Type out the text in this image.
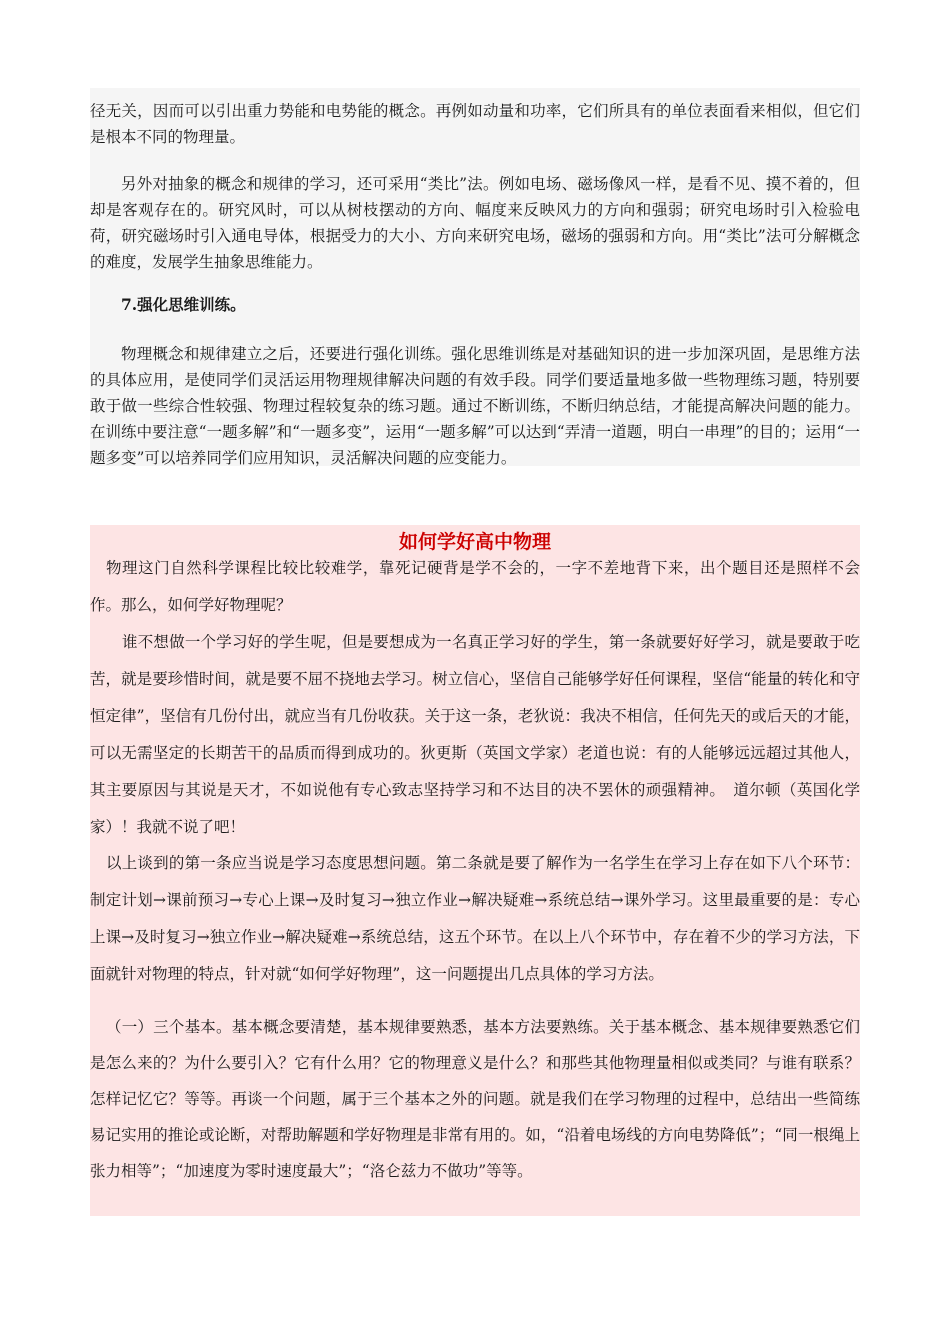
径无关，因而可以引出重力势能和电势能的概念。再例如动量和功率，它们所具有的单位表面看来相似，但它们是根本不同的物理量。

另外对抽象的概念和规律的学习，还可采用“类比”法。例如电场、磁场像风一样，是看不见、摸不着的，但却是客观存在的。研究风时，可以从树枝摆动的方向、幅度来反映风力的方向和强弱；研究电场时引入检验电荷，研究磁场时引入通电导体，根据受力的大小、方向来研究电场，磁场的强弱和方向。用“类比”法可分解概念的难度，发展学生抽象思维能力。

7.强化思维训练。

物理概念和规律建立之后，还要进行强化训练。强化思维训练是对基础知识的进一步加深巩固，是思维方法的具体应用，是使同学们灵活运用物理规律解决问题的有效手段。同学们要适量地多做一些物理练习题，特别要敢于做一些综合性较强、物理过程较复杂的练习题。通过不断训练，不断归纳总结，才能提高解决问题的能力。在训练中要注意“一题多解”和“一题多变”，运用“一题多解”可以达到“弄清一道题，明白一串理”的目的；运用“一题多变”可以培养同学们应用知识，灵活解决问题的应变能力。

如何学好高中物理

物理这门自然科学课程比较比较难学，靠死记硬背是学不会的，一字不差地背下来，出个题目还是照样不会作。那么，如何学好物理呢？

谁不想做一个学习好的学生呢，但是要想成为一名真正学习好的学生，第一条就要好好学习，就是要敢于吃苦，就是要珍惜时间，就是要不屈不挠地去学习。树立信心，坚信自己能够学好任何课程，坚信“能量的转化和守恒定律”，坚信有几份付出，就应当有几份收获。关于这一条，老狄说：我决不相信，任何先天的或后天的才能，可以无需坚定的长期苦干的品质而得到成功的。狄更斯（英国文学家）老道也说：有的人能够远远超过其他人，其主要原因与其说是天才，不如说他有专心致志坚持学习和不达目的决不罢休的顽强精神。　道尔顿（英国化学家）！我就不说了吧！

以上谈到的第一条应当说是学习态度思想问题。第二条就是要了解作为一名学生在学习上存在如下八个环节：制定计划→课前预习→专心上课→及时复习→独立作业→解决疑难→系统总结→课外学习。这里最重要的是：专心上课→及时复习→独立作业→解决疑难→系统总结，这五个环节。在以上八个环节中，存在着不少的学习方法，下面就针对物理的特点，针对就“如何学好物理”，这一问题提出几点具体的学习方法。

（一）三个基本。基本概念要清楚，基本规律要熟悉，基本方法要熟练。关于基本概念、基本规律要熟悉它们是怎么来的？为什么要引入？它有什么用？它的物理意义是什么？和那些其他物理量相似或类同？与谁有联系？怎样记忆它？等等。再谈一个问题，属于三个基本之外的问题。就是我们在学习物理的过程中，总结出一些简练易记实用的推论或论断，对帮助解题和学好物理是非常有用的。如，“沿着电场线的方向电势降低”；“同一根绳上张力相等”；“加速度为零时速度最大”；“洛仑兹力不做功”等等。
